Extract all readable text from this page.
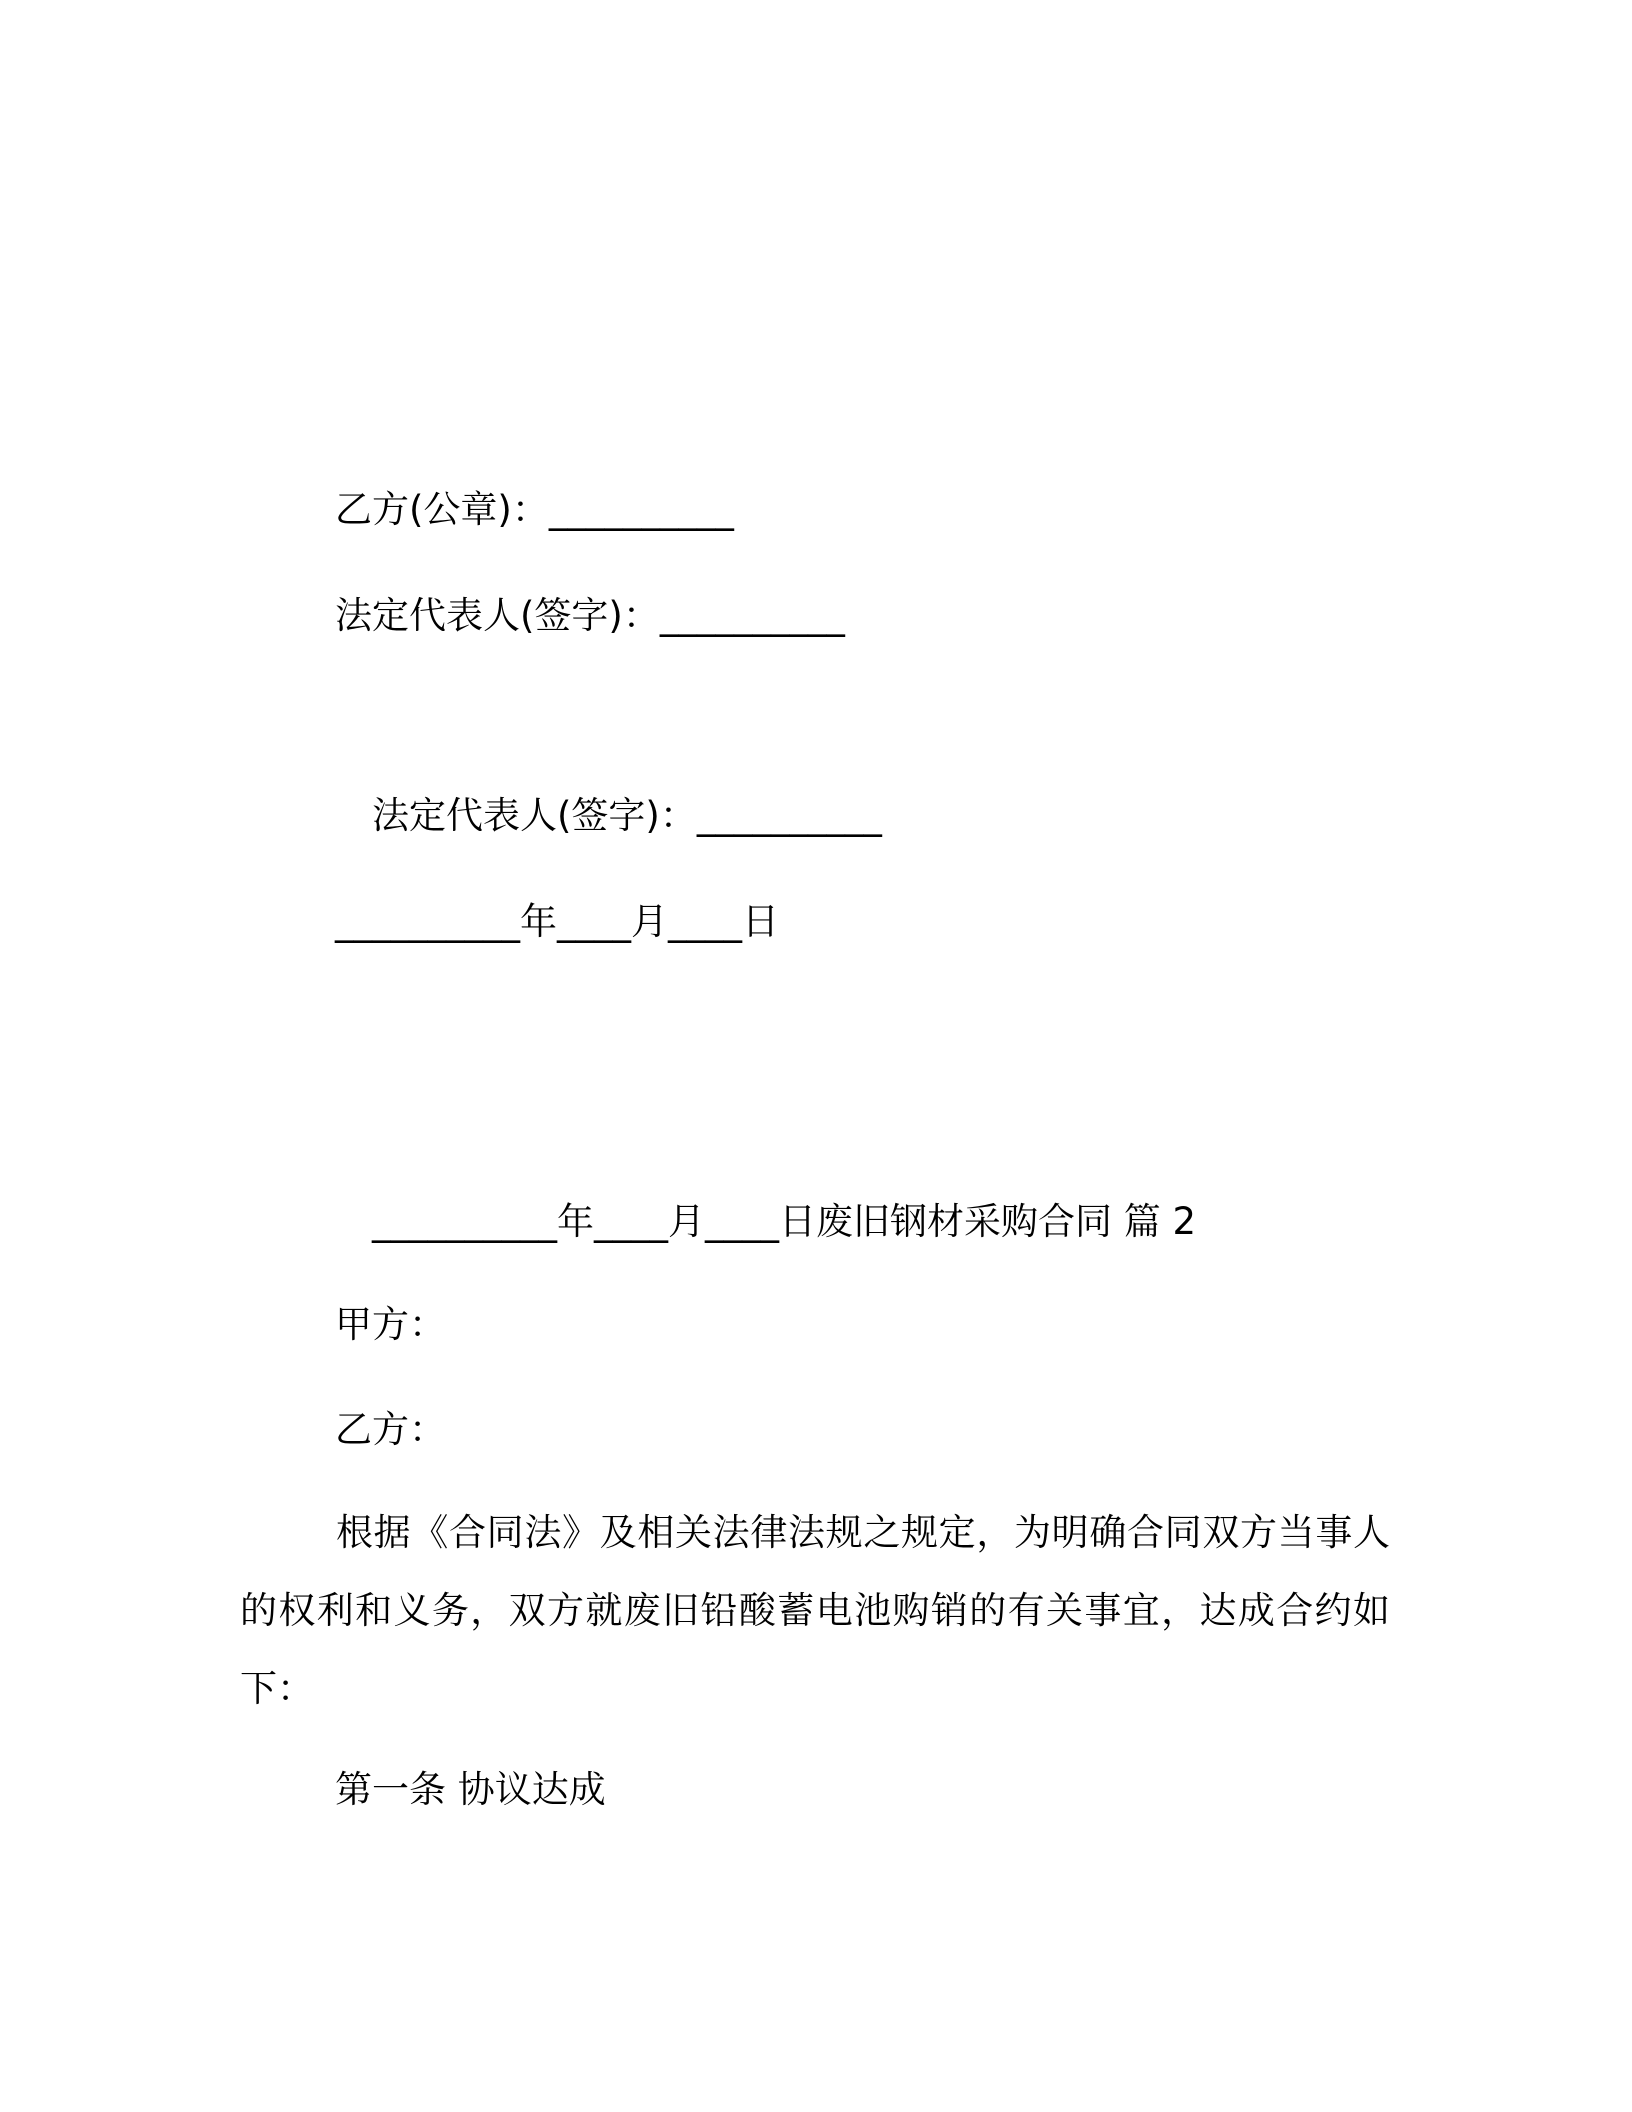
乙方(公章)：__________

法定代表人(签字)：__________

法定代表人(签字)：__________

__________年____月____日

__________年____月____日废旧钢材采购合同 篇 2

甲方：

乙方：

根据《合同法》及相关法律法规之规定，为明确合同双方当事人的权利和义务，双方就废旧铅酸蓄电池购销的有关事宜，达成合约如下：

第一条 协议达成
